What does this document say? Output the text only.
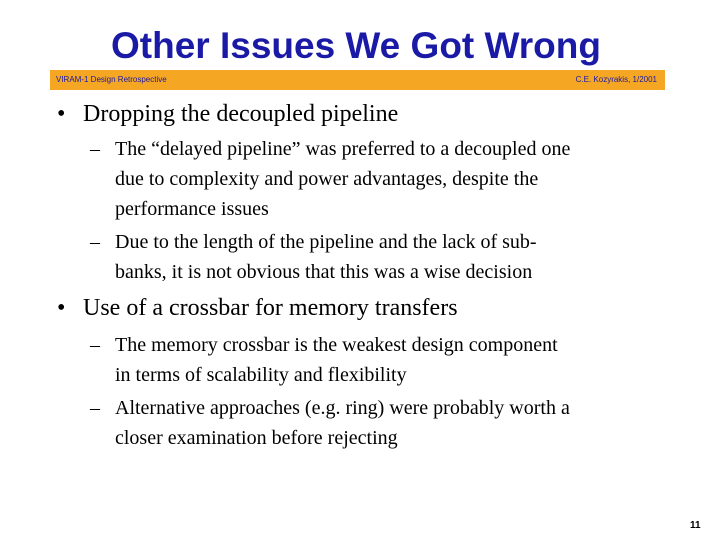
Other Issues We Got Wrong
VIRAM-1 Design Retrospective	C.E. Kozyrakis, 1/2001
• Dropping the decoupled pipeline
– The “delayed pipeline” was preferred to a decoupled one
due to complexity and power advantages, despite the
performance issues
– Due to the length of the pipeline and the lack of sub-
banks, it is not obvious that this was a wise decision
• Use of a crossbar for memory transfers
– The memory crossbar is the weakest design component
in terms of scalability and flexibility
– Alternative approaches (e.g. ring) were probably worth a
closer examination before rejecting
11
